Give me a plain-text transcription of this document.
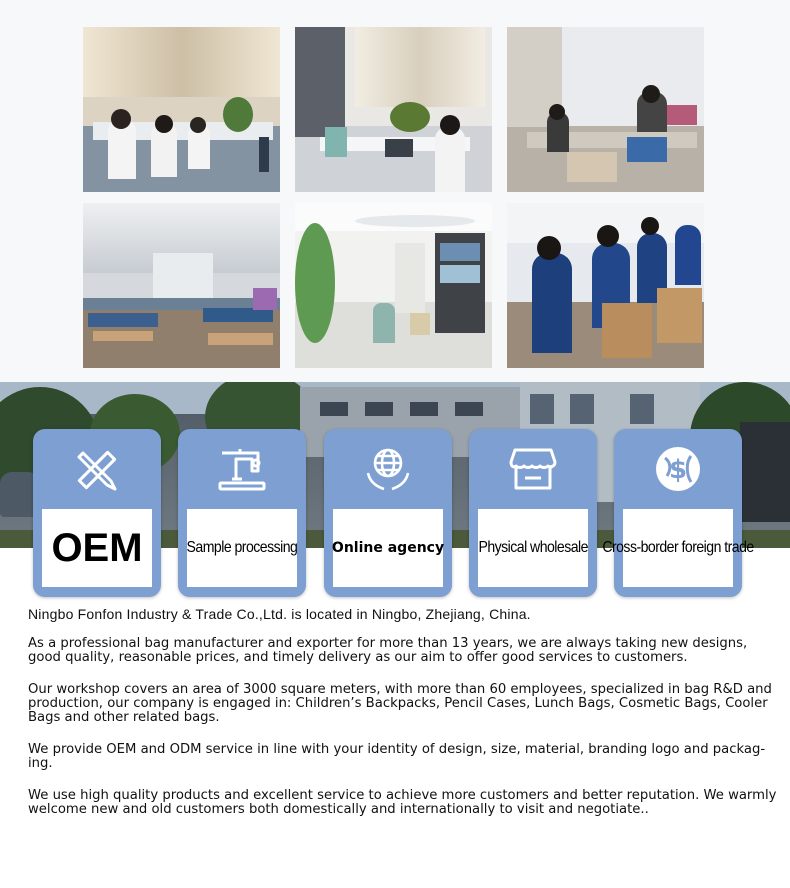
OEM	Sample processing Online agency Physical wholesale
$
Cross-border foreign trade

Ningbo Fonfon Industry & Trade Co.,Ltd. is located in Ningbo, Zhejiang, China.

As a professional bag manufacturer and exporter for more than 13 years, we are always taking new designs, good quality, reasonable prices, and timely delivery as our aim to offer good services to customers.

Our workshop covers an area of 3000 square meters, with more than 60 employees, specialized in bag R&D and production, our company is engaged in: Children’s Backpacks, Pencil Cases, Lunch Bags, Cosmetic Bags, Cooler Bags and other related bags.

We provide OEM and ODM service in line with your identity of design, size, material, branding logo and packag-ing.

We use high quality products and excellent service to achieve more customers and better reputation. We warmly welcome new and old customers both domestically and internationally to visit and negotiate..
